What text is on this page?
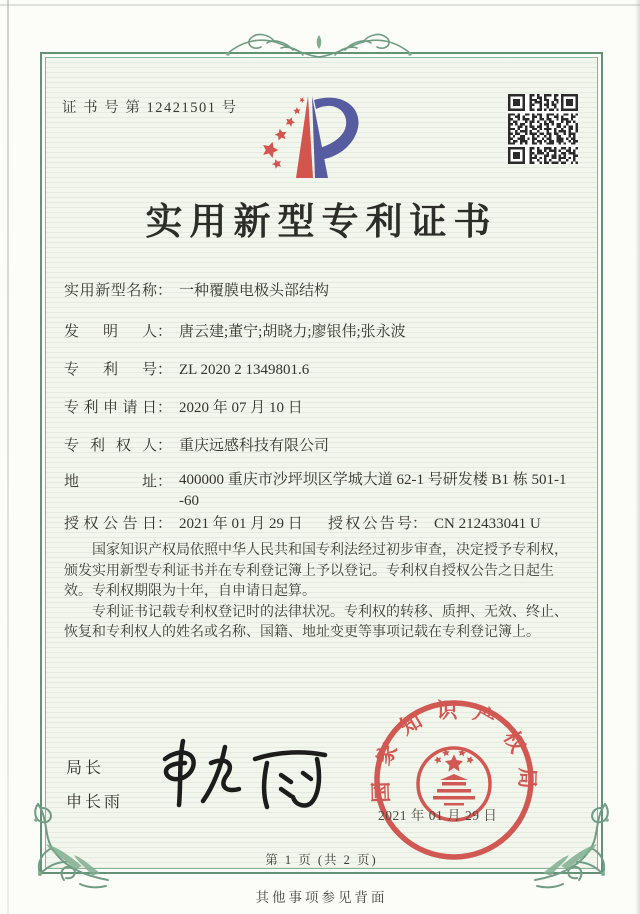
证 书 号 第 12421501 号
实用新型专利证书
实用新型名称： 一种覆膜电极头部结构
发明人： 唐云建;董宁;胡晓力;廖银伟;张永波
专利号： ZL 2020 2 1349801.6
专利申请日： 2020 年 07 月 10 日
专利权人： 重庆远感科技有限公司
地址： 400000 重庆市沙坪坝区学城大道 62-1 号研发楼 B1 栋 501-1
-60
授权公告日： 2021 年 01 月 29 日 授权公告号： CN 212433041 U

国家知识产权局依照中华人民共和国专利法经过初步审查，决定授予专利权，颁发实用新型专利证书并在专利登记簿上予以登记。专利权自授权公告之日起生效。专利权期限为十年，自申请日起算。

专利证书记载专利权登记时的法律状况。专利权的转移、质押、无效、终止、恢复和专利权人的姓名或名称、国籍、地址变更等事项记载在专利登记簿上。

局长
申长雨	国家知识产权局
2021 年 01 月 29 日
第 1 页 (共 2 页)
其他事项参见背面
